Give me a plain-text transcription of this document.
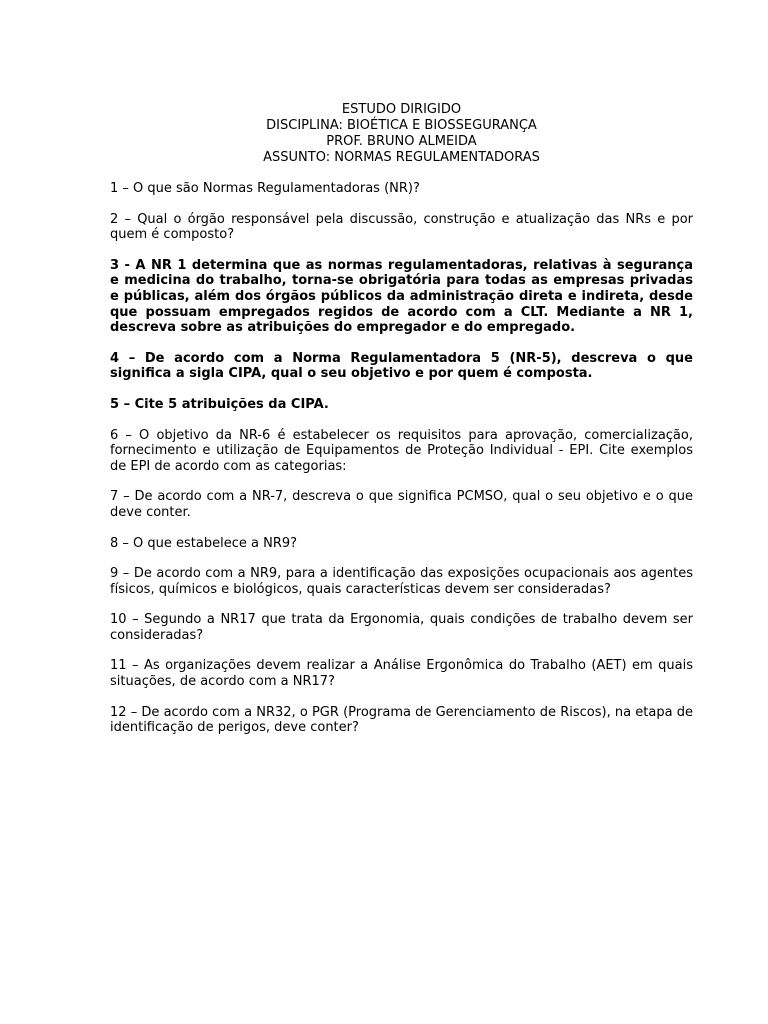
ESTUDO DIRIGIDO

DISCIPLINA: BIOÉTICA E BIOSSEGURANÇA

PROF. BRUNO ALMEIDA

ASSUNTO: NORMAS REGULAMENTADORAS

1 – O que são Normas Regulamentadoras (NR)?

2 – Qual o órgão responsável pela discussão, construção e atualização das NRs e por quem é composto?

3 - A NR 1 determina que as normas regulamentadoras, relativas à segurança e medicina do trabalho, torna-se obrigatória para todas as empresas privadas e públicas, além dos órgãos públicos da administração direta e indireta, desde que possuam empregados regidos de acordo com a CLT. Mediante a NR 1, descreva sobre as atribuições do empregador e do empregado.

4 – De acordo com a Norma Regulamentadora 5 (NR-5), descreva o que significa a sigla CIPA, qual o seu objetivo e por quem é composta.

5 – Cite 5 atribuições da CIPA.

6 – O objetivo da NR-6 é estabelecer os requisitos para aprovação, comercialização, fornecimento e utilização de Equipamentos de Proteção Individual - EPI. Cite exemplos de EPI de acordo com as categorias:

7 – De acordo com a NR-7, descreva o que significa PCMSO, qual o seu objetivo e o que deve conter.

8 – O que estabelece a NR9?

9 – De acordo com a NR9, para a identificação das exposições ocupacionais aos agentes físicos, químicos e biológicos, quais características devem ser consideradas?

10 – Segundo a NR17 que trata da Ergonomia, quais condições de trabalho devem ser consideradas?

11 – As organizações devem realizar a Análise Ergonômica do Trabalho (AET) em quais situações, de acordo com a NR17?

12 – De acordo com a NR32, o PGR (Programa de Gerenciamento de Riscos), na etapa de identificação de perigos, deve conter?
